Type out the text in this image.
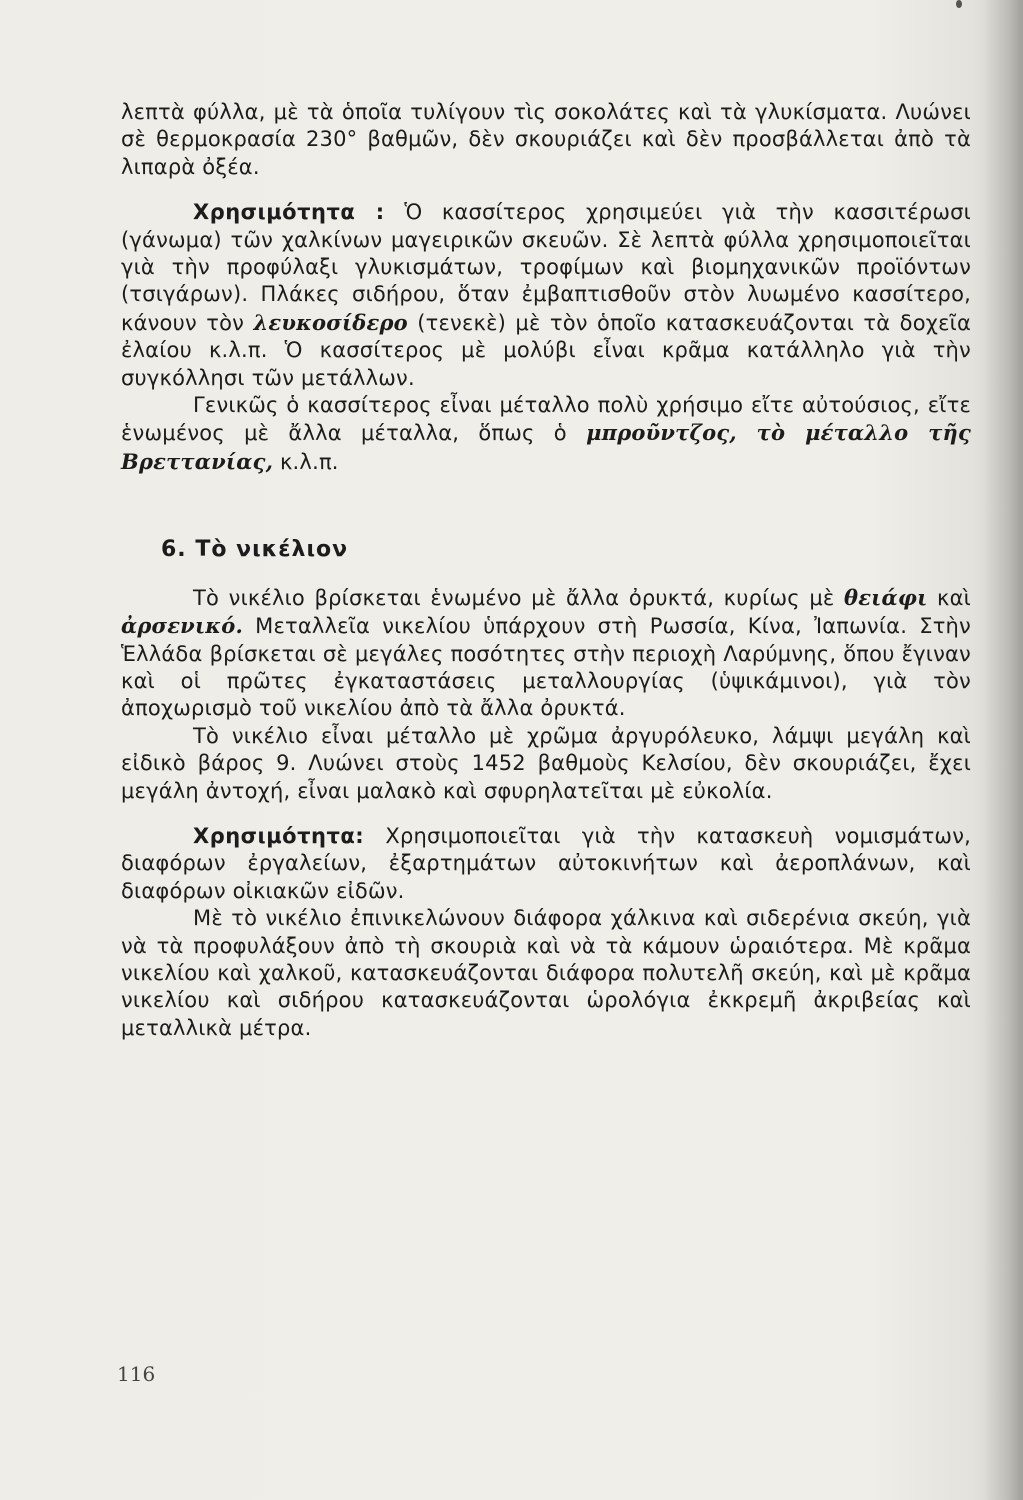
λεπτὰ φύλλα, μὲ τὰ ὁποῖα τυλίγουν τὶς σοκολάτες καὶ τὰ γλυκίσματα. Λυώνει σὲ θερμοκρασία 230° βαθμῶν, δὲν σκουριάζει καὶ δὲν προσβάλλεται ἀπὸ τὰ λιπαρὰ ὀξέα.

Χρησιμότητα : Ὁ κασσίτερος χρησιμεύει γιὰ τὴν κασσιτέρωσι (γάνωμα) τῶν χαλκίνων μαγειρικῶν σκευῶν. Σὲ λεπτὰ φύλλα χρησιμοποιεῖται γιὰ τὴν προφύλαξι γλυκισμάτων, τροφίμων καὶ βιομηχανικῶν προϊόντων (τσιγάρων). Πλάκες σιδήρου, ὅταν ἐμβαπτισθοῦν στὸν λυωμένο κασσίτερο, κάνουν τὸν λευκοσίδερο (τενεκὲ) μὲ τὸν ὁποῖο κατασκευάζονται τὰ δοχεῖα ἐλαίου κ.λ.π. Ὁ κασσίτερος μὲ μολύβι εἶναι κρᾶμα κατάλληλο γιὰ τὴν συγκόλλησι τῶν μετάλλων.

Γενικῶς ὁ κασσίτερος εἶναι μέταλλο πολὺ χρήσιμο εἴτε αὐτούσιος, εἴτε ἑνωμένος μὲ ἄλλα μέταλλα, ὅπως ὁ μπροῦντζος, τὸ μέταλλο τῆς Βρεττανίας, κ.λ.π.

6. Τὸ νικέλιον

Τὸ νικέλιο βρίσκεται ἑνωμένο μὲ ἄλλα ὀρυκτά, κυρίως μὲ θειάφι καὶ ἀρσενικό. Μεταλλεῖα νικελίου ὑπάρχουν στὴ Ρωσσία, Κίνα, Ἰαπωνία. Στὴν Ἑλλάδα βρίσκεται σὲ μεγάλες ποσότητες στὴν περιοχὴ Λαρύμνης, ὅπου ἔγιναν καὶ οἱ πρῶτες ἐγκαταστάσεις μεταλλουργίας (ὑψικάμινοι), γιὰ τὸν ἀποχωρισμὸ τοῦ νικελίου ἀπὸ τὰ ἄλλα ὀρυκτά.

Τὸ νικέλιο εἶναι μέταλλο μὲ χρῶμα ἀργυρόλευκο, λάμψι μεγάλη καὶ εἰδικὸ βάρος 9. Λυώνει στοὺς 1452 βαθμοὺς Κελσίου, δὲν σκουριάζει, ἔχει μεγάλη ἀντοχή, εἶναι μαλακὸ καὶ σφυρηλατεῖται μὲ εὐκολία.

Χρησιμότητα: Χρησιμοποιεῖται γιὰ τὴν κατασκευὴ νομισμάτων, διαφόρων ἐργαλείων, ἐξαρτημάτων αὐτοκινήτων καὶ ἀεροπλάνων, καὶ διαφόρων οἰκιακῶν εἰδῶν.

Μὲ τὸ νικέλιο ἐπινικελώνουν διάφορα χάλκινα καὶ σιδερένια σκεύη, γιὰ νὰ τὰ προφυλάξουν ἀπὸ τὴ σκουριὰ καὶ νὰ τὰ κάμουν ὡραιότερα. Μὲ κρᾶμα νικελίου καὶ χαλκοῦ, κατασκευάζονται διάφορα πολυτελῆ σκεύη, καὶ μὲ κρᾶμα νικελίου καὶ σιδήρου κατασκευάζονται ὡρολόγια ἐκκρεμῆ ἀκριβείας καὶ μεταλλικὰ μέτρα.

116
